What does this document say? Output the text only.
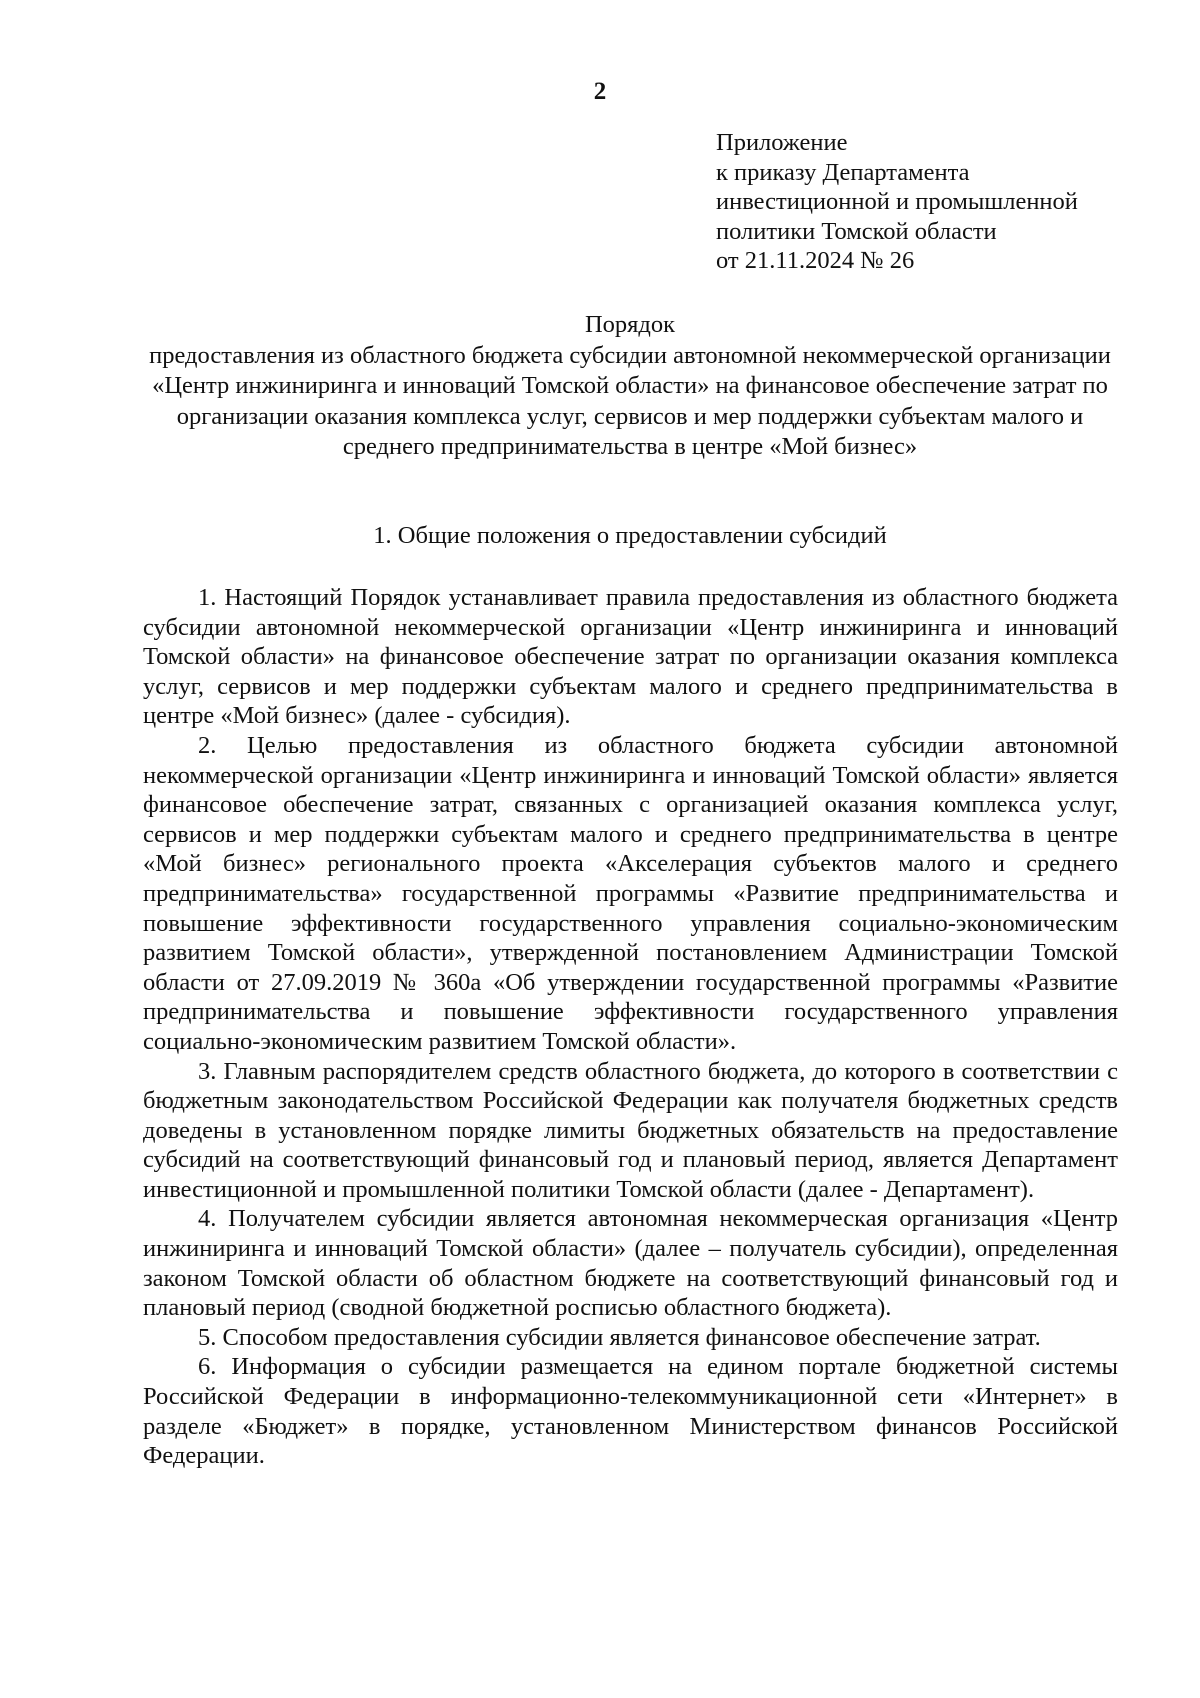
2
Приложение
к приказу Департамента
инвестиционной и промышленной
политики Томской области
от 21.11.2024 № 26
Порядок
предоставления из областного бюджета субсидии автономной некоммерческой организации «Центр инжиниринга и инноваций Томской области» на финансовое обеспечение затрат по организации оказания комплекса услуг, сервисов и мер поддержки субъектам малого и среднего предпринимательства в центре «Мой бизнес»
1. Общие положения о предоставлении субсидий

1. Настоящий Порядок устанавливает правила предоставления из областного бюджета субсидии автономной некоммерческой организации «Центр инжиниринга и инноваций Томской области» на финансовое обеспечение затрат по организации оказания комплекса услуг, сервисов и мер поддержки субъектам малого и среднего предпринимательства в центре «Мой бизнес» (далее - субсидия).

2. Целью предоставления из областного бюджета субсидии автономной некоммерческой организации «Центр инжиниринга и инноваций Томской области» является финансовое обеспечение затрат, связанных с организацией оказания комплекса услуг, сервисов и мер поддержки субъектам малого и среднего предпринимательства в центре «Мой бизнес» регионального проекта «Акселерация субъектов малого и среднего предпринимательства» государственной программы «Развитие предпринимательства и повышение эффективности государственного управления социально-экономическим развитием Томской области», утвержденной постановлением Администрации Томской области от 27.09.2019 № 360а «Об утверждении государственной программы «Развитие предпринимательства и повышение эффективности государственного управления социально-экономическим развитием Томской области».

3. Главным распорядителем средств областного бюджета, до которого в соответствии с бюджетным законодательством Российской Федерации как получателя бюджетных средств доведены в установленном порядке лимиты бюджетных обязательств на предоставление субсидий на соответствующий финансовый год и плановый период, является Департамент инвестиционной и промышленной политики Томской области (далее - Департамент).

4. Получателем субсидии является автономная некоммерческая организация «Центр инжиниринга и инноваций Томской области» (далее – получатель субсидии), определенная законом Томской области об областном бюджете на соответствующий финансовый год и плановый период (сводной бюджетной росписью областного бюджета).

5. Способом предоставления субсидии является финансовое обеспечение затрат.

6. Информация о субсидии размещается на едином портале бюджетной системы Российской Федерации в информационно-телекоммуникационной сети «Интернет» в разделе «Бюджет» в порядке, установленном Министерством финансов Российской Федерации.
